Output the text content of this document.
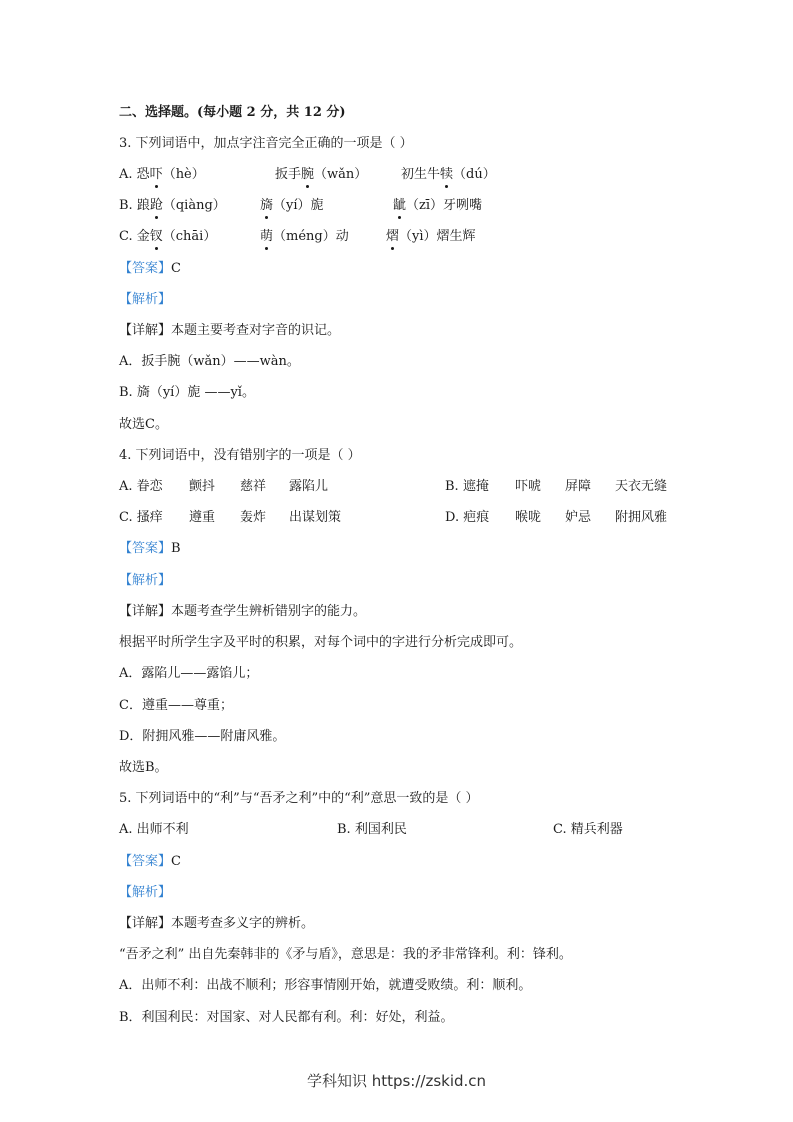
二、选择题。(每小题 2 分，共 12 分)
3. 下列词语中，加点字注音完全正确的一项是（ ）
A. 恐吓（hè）	扳手腕（wǎn）	初生牛犊（dú）
B. 踉跄（qiàng）	旖（yí）旎	龇（zī）牙咧嘴
C. 金钗（chāi）	萌（méng）动	熠（yì）熠生辉
【答案】C
【解析】
【详解】本题主要考查对字音的识记。
A．扳手腕（wǎn）——wàn。
B. 旖（yí）旎 ——yǐ。
故选C。
4. 下列词语中，没有错别字的一项是（ ）
A. 眷恋 颤抖 慈祥 露陷儿	B. 遮掩 吓唬 屏障 天衣无缝
C. 搔痒 遵重 轰炸 出谋划策	D. 疤痕 喉咙 妒忌 附拥风雅
【答案】B
【解析】
【详解】本题考查学生辨析错别字的能力。
根据平时所学生字及平时的积累，对每个词中的字进行分析完成即可。
A．露陷儿——露馅儿；
C．遵重——尊重；
D．附拥风雅——附庸风雅。
故选B。
5. 下列词语中的“利”与“吾矛之利”中的“利”意思一致的是（ ）
A. 出师不利	B. 利国利民	C. 精兵利器
【答案】C
【解析】
【详解】本题考查多义字的辨析。
“吾矛之利” 出自先秦韩非的《矛与盾》，意思是：我的矛非常锋利。利：锋利。
A．出师不利：出战不顺利；形容事情刚开始，就遭受败绩。利：顺利。
B．利国利民：对国家、对人民都有利。利：好处，利益。
学科知识 https://zskid.cn
